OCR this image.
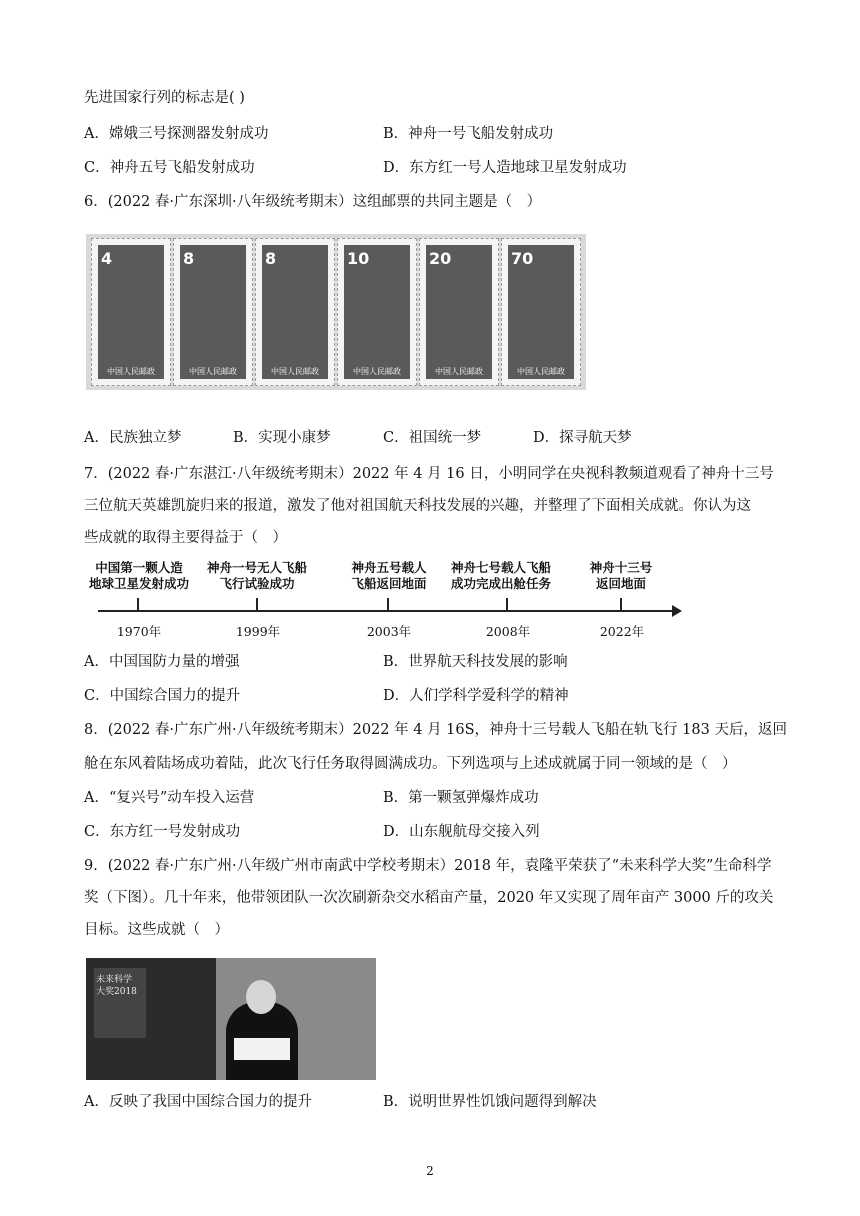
先进国家行列的标志是( )
A．嫦娥三号探测器发射成功	B．神舟一号飞船发射成功
C．神舟五号飞船发射成功	D．东方红一号人造地球卫星发射成功
6．(2022 春·广东深圳·八年级统考期末）这组邮票的共同主题是（　）
4
中国人民邮政
8
中国人民邮政
8
中国人民邮政
10
中国人民邮政
20
中国人民邮政
70
中国人民邮政
A．民族独立梦	B．实现小康梦	C．祖国统一梦	D．探寻航天梦
7．(2022 春·广东湛江·八年级统考期末）2022 年 4 月 16 日，小明同学在央视科教频道观看了神舟十三号
三位航天英雄凯旋归来的报道，激发了他对祖国航天科技发展的兴趣，并整理了下面相关成就。你认为这
些成就的取得主要得益于（　）
中国第一颗人造
地球卫星发射成功
神舟一号无人飞船
飞行试验成功
神舟五号载人
飞船返回地面
神舟七号载人飞船
成功完成出舱任务
神舟十三号
返回地面
1970年	1999年	2003年	2008年	2022年
A．中国国防力量的增强	B．世界航天科技发展的影响
C．中国综合国力的提升	D．人们学科学爱科学的精神
8．(2022 春·广东广州·八年级统考期末）2022 年 4 月 16S，神舟十三号载人飞船在轨飞行 183 天后，返回
舱在东风着陆场成功着陆，此次飞行任务取得圆满成功。下列选项与上述成就属于同一领域的是（　）
A．“复兴号”动车投入运营	B．第一颗氢弹爆炸成功
C．东方红一号发射成功	D．山东舰航母交接入列
9．(2022 春·广东广州·八年级广州市南武中学校考期末）2018 年，袁隆平荣获了“未来科学大奖”生命科学
奖（下图）。几十年来，他带领团队一次次刷新杂交水稻亩产量，2020 年又实现了周年亩产 3000 斤的攻关
目标。这些成就（　）
未来科学
大奖2018
A．反映了我国中国综合国力的提升	B．说明世界性饥饿问题得到解决
2
